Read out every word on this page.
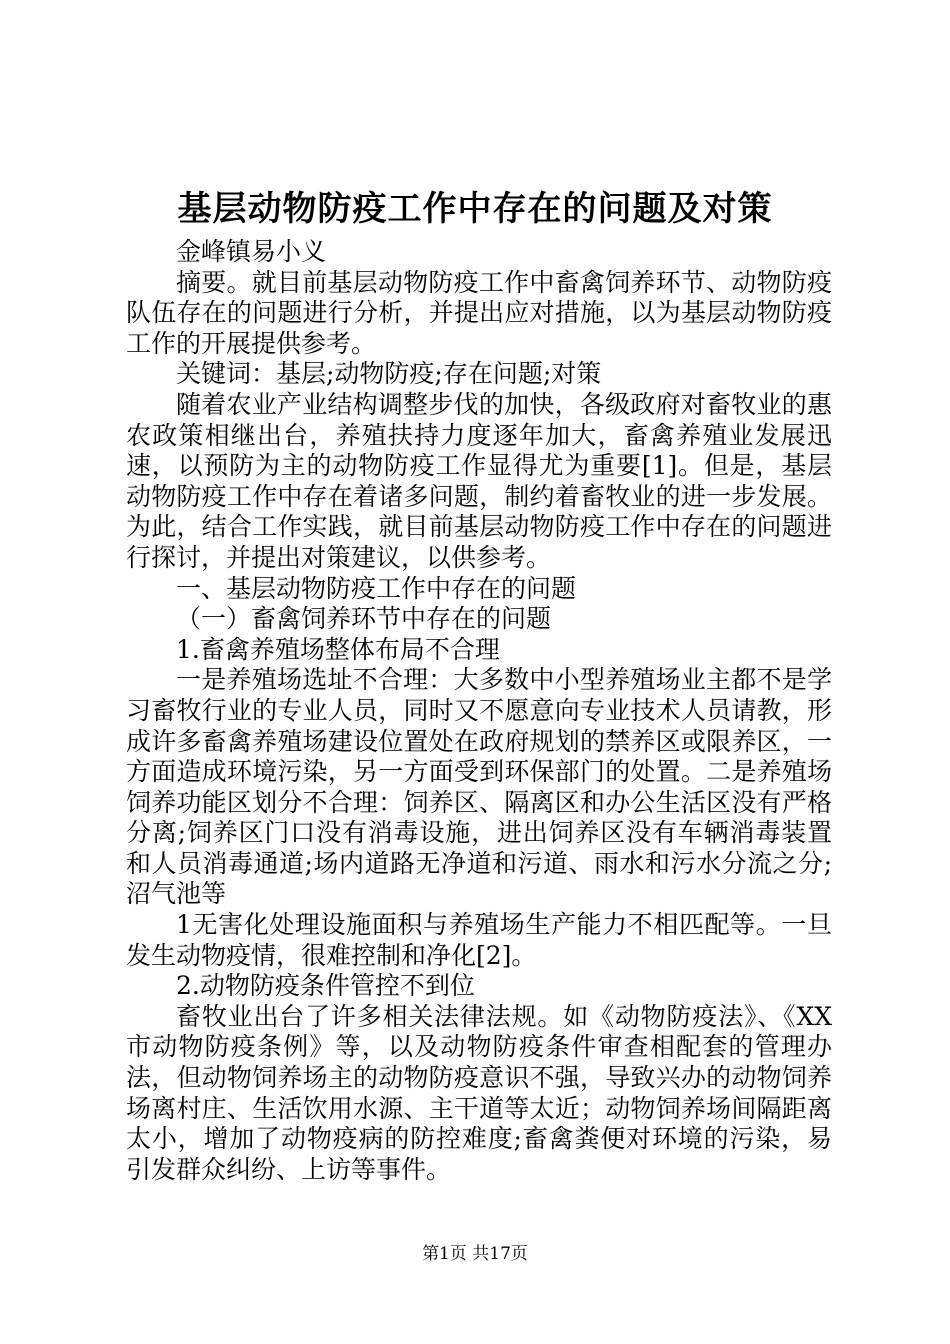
基层动物防疫工作中存在的问题及对策

金峰镇易小义

摘要。就目前基层动物防疫工作中畜禽饲养环节、动物防疫队伍存在的问题进行分析，并提出应对措施，以为基层动物防疫工作的开展提供参考。

关键词：基层;动物防疫;存在问题;对策

随着农业产业结构调整步伐的加快，各级政府对畜牧业的惠农政策相继出台，养殖扶持力度逐年加大，畜禽养殖业发展迅速，以预防为主的动物防疫工作显得尤为重要[1]。但是，基层动物防疫工作中存在着诸多问题，制约着畜牧业的进一步发展。为此，结合工作实践，就目前基层动物防疫工作中存在的问题进行探讨，并提出对策建议，以供参考。

一、基层动物防疫工作中存在的问题

（一）畜禽饲养环节中存在的问题

1.畜禽养殖场整体布局不合理

一是养殖场选址不合理：大多数中小型养殖场业主都不是学习畜牧行业的专业人员，同时又不愿意向专业技术人员请教，形成许多畜禽养殖场建设位置处在政府规划的禁养区或限养区，一方面造成环境污染，另一方面受到环保部门的处置。二是养殖场饲养功能区划分不合理：饲养区、隔离区和办公生活区没有严格分离;饲养区门口没有消毒设施，进出饲养区没有车辆消毒装置和人员消毒通道;场内道路无净道和污道、雨水和污水分流之分;沼气池等

1无害化处理设施面积与养殖场生产能力不相匹配等。一旦发生动物疫情，很难控制和净化[2]。

2.动物防疫条件管控不到位

畜牧业出台了许多相关法律法规。如《动物防疫法》、《XX市动物防疫条例》等，以及动物防疫条件审查相配套的管理办法，但动物饲养场主的动物防疫意识不强，导致兴办的动物饲养场离村庄、生活饮用水源、主干道等太近；动物饲养场间隔距离太小，增加了动物疫病的防控难度;畜禽粪便对环境的污染，易引发群众纠纷、上访等事件。

第1页 共17页
